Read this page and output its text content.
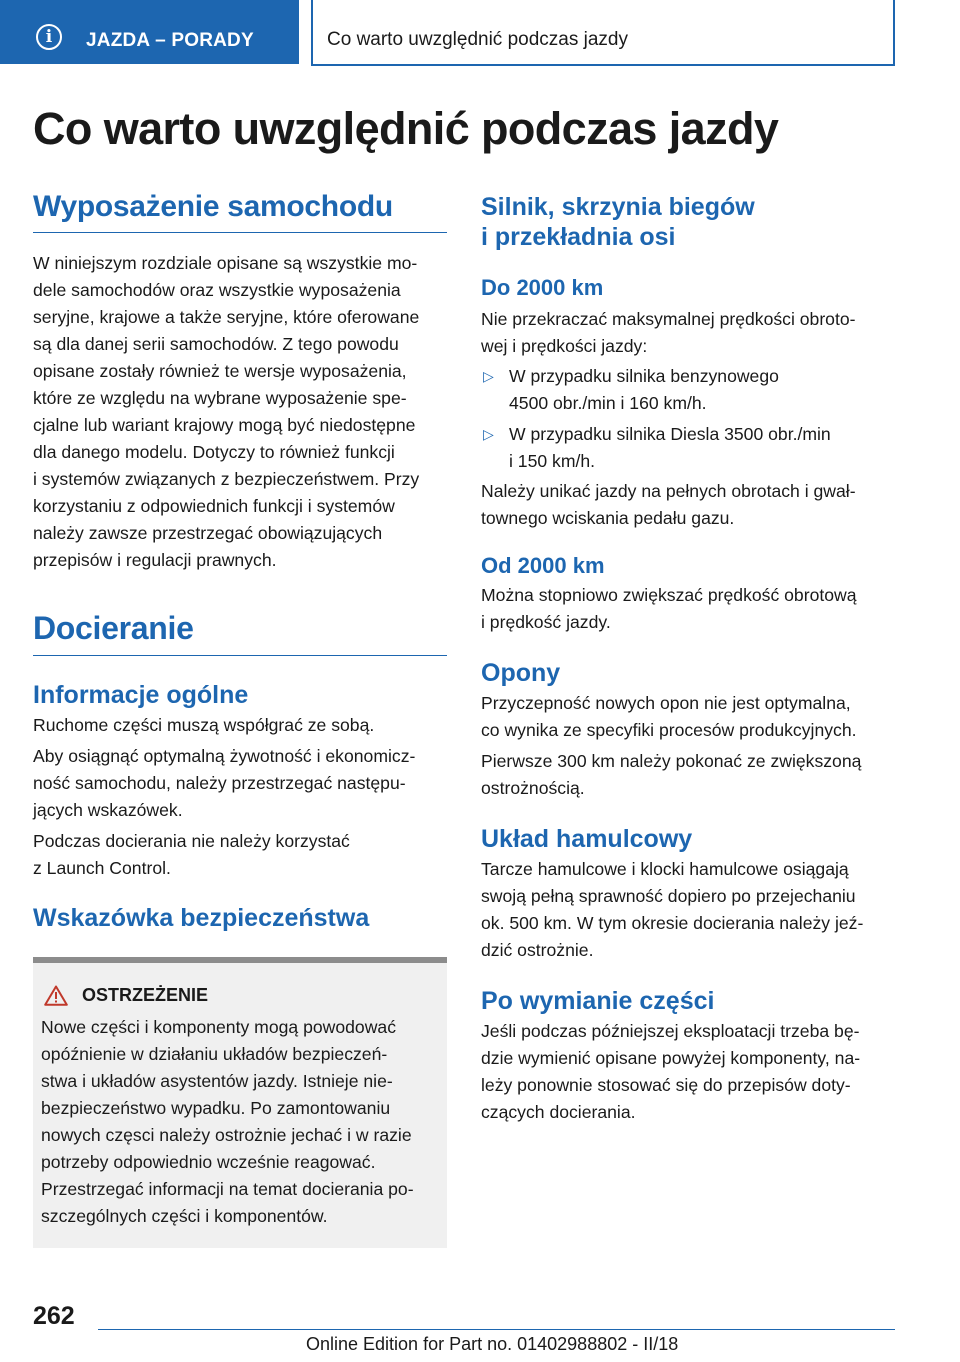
i	JAZDA – PORADY	Co warto uwzględnić podczas jazdy
Co warto uwzględnić podczas jazdy
Wyposażenie samochodu

W niniejszym rozdziale opisane są wszystkie mo‐
dele samochodów oraz wszystkie wyposażenia
seryjne, krajowe a także seryjne, które oferowane
są dla danej serii samochodów. Z tego powodu
opisane zostały również te wersje wyposażenia,
które ze względu na wybrane wyposażenie spe‐
cjalne lub wariant krajowy mogą być niedostępne
dla danego modelu. Dotyczy to również funkcji
i systemów związanych z bezpieczeństwem. Przy
korzystaniu z odpowiednich funkcji i systemów
należy zawsze przestrzegać obowiązujących
przepisów i regulacji prawnych.

Docieranie
Informacje ogólne

Ruchome części muszą współgrać ze sobą.

Aby osiągnąć optymalną żywotność i ekonomicz‐
ność samochodu, należy przestrzegać następu‐
jących wskazówek.

Podczas docierania nie należy korzystać
z Launch Control.

Wskazówka bezpieczeństwa
OSTRZEŻENIE

Nowe części i komponenty mogą powodować
opóźnienie w działaniu układów bezpieczeń‐
stwa i układów asystentów jazdy. Istnieje nie‐
bezpieczeństwo wypadku. Po zamontowaniu
nowych częsci należy ostrożnie jechać i w razie
potrzeby odpowiednio wcześnie reagować.
Przestrzegać informacji na temat docierania po‐
szczególnych części i komponentów.

Silnik, skrzynia biegów
i przekładnia osi
Do 2000 km

Nie przekraczać maksymalnej prędkości obroto‐
wej i prędkości jazdy:

▷ W przypadku silnika benzynowego
4500 obr./min i 160 km/h.
▷ W przypadku silnika Diesla 3500 obr./min
i 150 km/h.

Należy unikać jazdy na pełnych obrotach i gwał‐
townego wciskania pedału gazu.

Od 2000 km

Można stopniowo zwiększać prędkość obrotową
i prędkość jazdy.

Opony

Przyczepność nowych opon nie jest optymalna,
co wynika ze specyfiki procesów produkcyjnych.

Pierwsze 300 km należy pokonać ze zwiększoną
ostrożnością.

Układ hamulcowy

Tarcze hamulcowe i klocki hamulcowe osiągają
swoją pełną sprawność dopiero po przejechaniu
ok. 500 km. W tym okresie docierania należy jeź‐
dzić ostrożnie.

Po wymianie części

Jeśli podczas późniejszej eksploatacji trzeba bę‐
dzie wymienić opisane powyżej komponenty, na‐
leży ponownie stosować się do przepisów doty‐
czących docierania.

262
Online Edition for Part no. 01402988802 - II/18
